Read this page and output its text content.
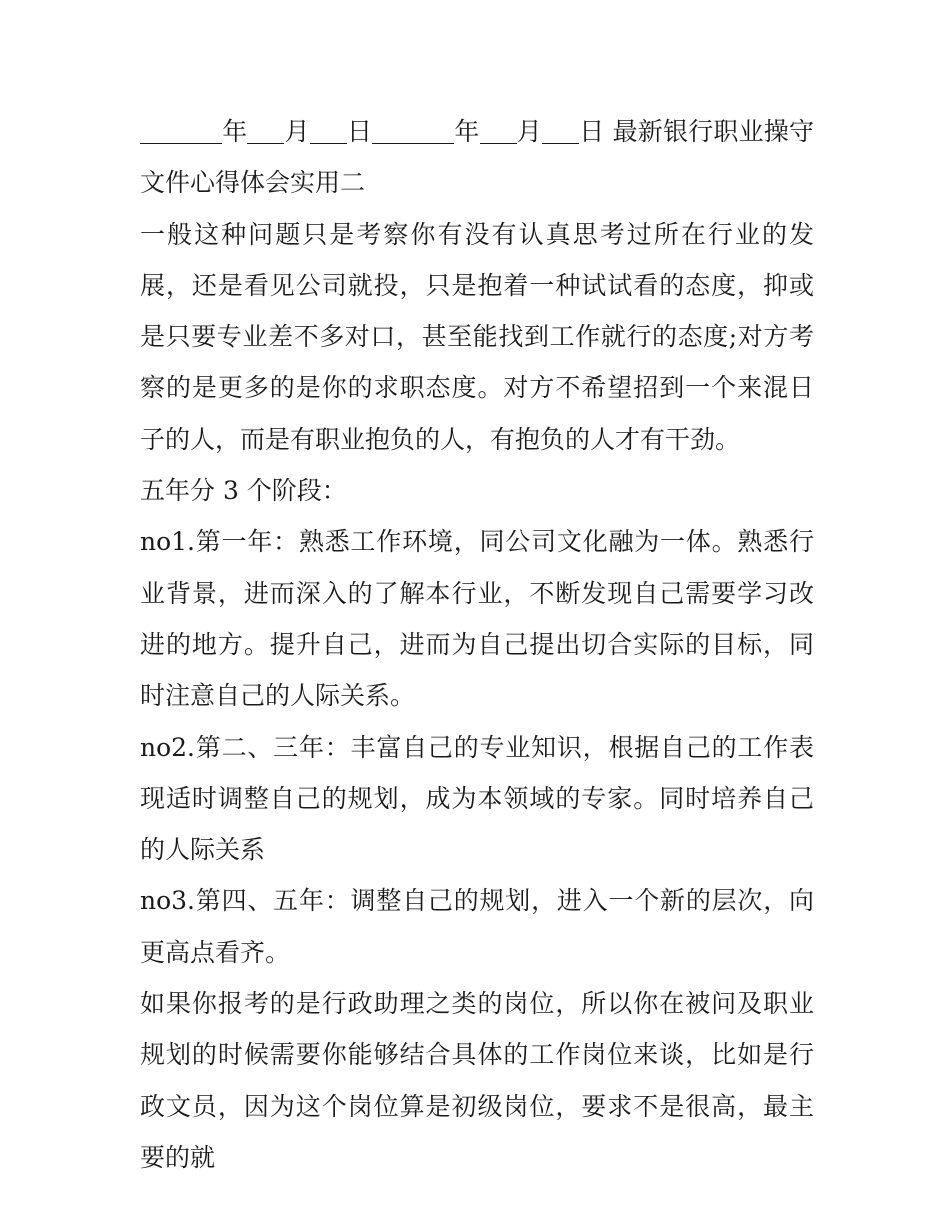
年 月 日	年 月 日 最新银行职业操守文件心得体会实用二

一般这种问题只是考察你有没有认真思考过所在行业的发展，还是看见公司就投，只是抱着一种试试看的态度，抑或是只要专业差不多对口，甚至能找到工作就行的态度;对方考察的是更多的是你的求职态度。对方不希望招到一个来混日子的人，而是有职业抱负的人，有抱负的人才有干劲。

五年分 3 个阶段：

no1.第一年：熟悉工作环境，同公司文化融为一体。熟悉行业背景，进而深入的了解本行业，不断发现自己需要学习改进的地方。提升自己，进而为自己提出切合实际的目标，同时注意自己的人际关系。

no2.第二、三年：丰富自己的专业知识，根据自己的工作表现适时调整自己的规划，成为本领域的专家。同时培养自己的人际关系

no3.第四、五年：调整自己的规划，进入一个新的层次，向更高点看齐。

如果你报考的是行政助理之类的岗位，所以你在被问及职业规划的时候需要你能够结合具体的工作岗位来谈，比如是行政文员，因为这个岗位算是初级岗位，要求不是很高，最主要的就
